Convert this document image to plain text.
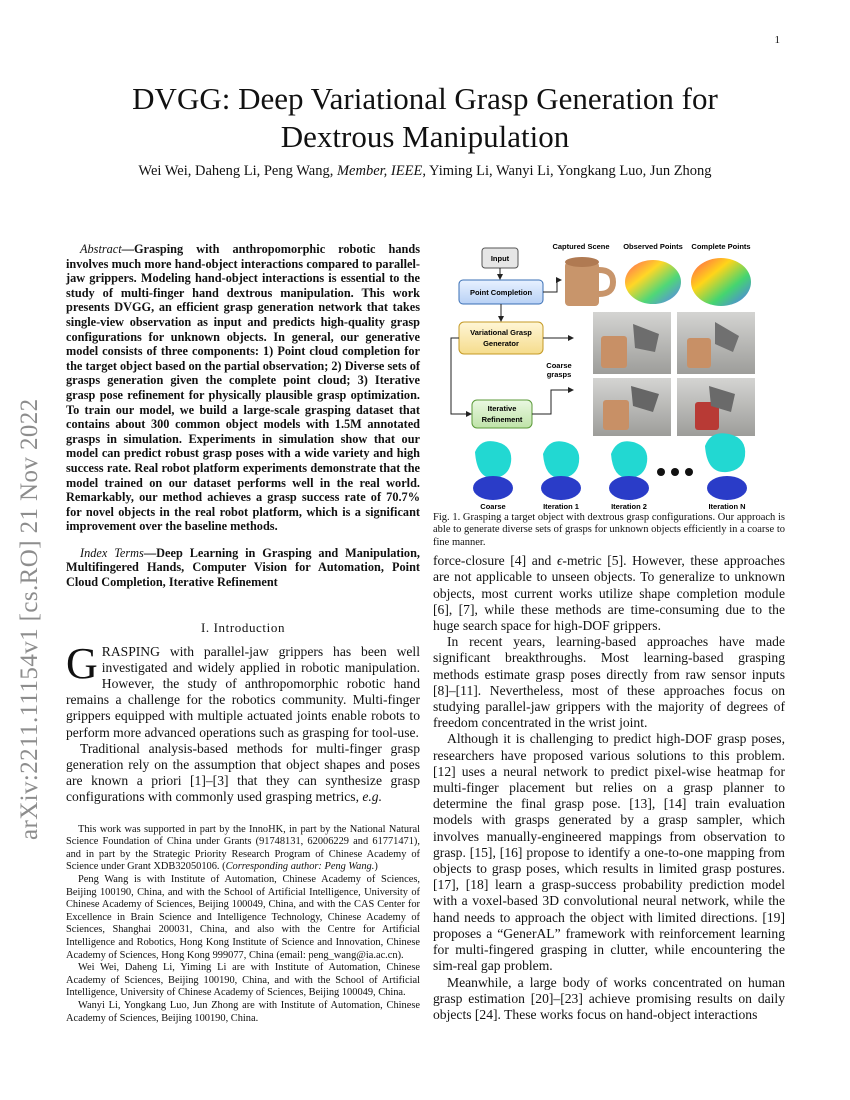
1
arXiv:2211.11154v1 [cs.RO] 21 Nov 2022
DVGG: Deep Variational Grasp Generation for
Dextrous Manipulation
Wei Wei, Daheng Li, Peng Wang, Member, IEEE, Yiming Li, Wanyi Li, Yongkang Luo, Jun Zhong

Abstract—Grasping with anthropomorphic robotic hands involves much more hand-object interactions compared to parallel-jaw grippers. Modeling hand-object interactions is essential to the study of multi-finger hand dextrous manipulation. This work presents DVGG, an efficient grasp generation network that takes single-view observation as input and predicts high-quality grasp configurations for unknown objects. In general, our generative model consists of three components: 1) Point cloud completion for the target object based on the partial observation; 2) Diverse sets of grasps generation given the complete point cloud; 3) Iterative grasp pose refinement for physically plausible grasp optimization. To train our model, we build a large-scale grasping dataset that contains about 300 common object models with 1.5M annotated grasps in simulation. Experiments in simulation show that our model can predict robust grasp poses with a wide variety and high success rate. Real robot platform experiments demonstrate that the model trained on our dataset performs well in the real world. Remarkably, our method achieves a grasp success rate of 70.7% for novel objects in the real robot platform, which is a significant improvement over the baseline methods.

Index Terms—Deep Learning in Grasping and Manipulation, Multifingered Hands, Computer Vision for Automation, Point Cloud Completion, Iterative Refinement

I. Introduction

GRASPING with parallel-jaw grippers has been well investigated and widely applied in robotic manipulation. However, the study of anthropomorphic robotic hand remains a challenge for the robotics community. Multi-finger grippers equipped with multiple actuated joints enable robots to perform more advanced operations such as grasping for tool-use.

Traditional analysis-based methods for multi-finger grasp generation rely on the assumption that object shapes and poses are known a priori [1]–[3] that they can synthesize grasp configurations with commonly used grasping metrics, e.g.

This work was supported in part by the InnoHK, in part by the National Natural Science Foundation of China under Grants (91748131, 62006229 and 61771471), and in part by the Strategic Priority Research Program of Chinese Academy of Science under Grant XDB32050106. (Corresponding author: Peng Wang.)

Peng Wang is with Institute of Automation, Chinese Academy of Sciences, Beijing 100190, China, and with the School of Artificial Intelligence, University of Chinese Academy of Sciences, Beijing 100049, China, and with the CAS Center for Excellence in Brain Science and Intelligence Technology, Chinese Academy of Sciences, Shanghai 200031, China, and also with the Centre for Artificial Intelligence and Robotics, Hong Kong Institute of Science and Innovation, Chinese Academy of Sciences, Hong Kong 999077, China (email: peng_wang@ia.ac.cn).

Wei Wei, Daheng Li, Yiming Li are with Institute of Automation, Chinese Academy of Sciences, Beijing 100190, China, and with the School of Artificial Intelligence, University of Chinese Academy of Sciences, Beijing 100049, China.

Wanyi Li, Yongkang Luo, Jun Zhong are with Institute of Automation, Chinese Academy of Sciences, Beijing 100190, China.

Input
Point Completion
Variational Grasp
Generator
Iterative
Refinement
Captured Scene Observed Points Complete Points
Coarse
grasps
Coarse	Iteration 1	Iteration 2	Iteration N

Fig. 1. Grasping a target object with dextrous grasp configurations. Our approach is able to generate diverse sets of grasps for unknown objects efficiently in a coarse to fine manner.

force-closure [4] and ϵ-metric [5]. However, these approaches are not applicable to unseen objects. To generalize to unknown objects, most current works utilize shape completion module [6], [7], while these methods are time-consuming due to the huge search space for high-DOF grippers.

In recent years, learning-based approaches have made significant breakthroughs. Most learning-based grasping methods estimate grasp poses directly from raw sensor inputs [8]–[11]. Nevertheless, most of these approaches focus on studying parallel-jaw grippers with the majority of degrees of freedom concentrated in the wrist joint.

Although it is challenging to predict high-DOF grasp poses, researchers have proposed various solutions to this problem. [12] uses a neural network to predict pixel-wise heatmap for multi-finger placement but relies on a grasp planner to determine the final grasp pose. [13], [14] train evaluation models with grasps generated by a grasp sampler, which involves manually-engineered mappings from observation to grasp. [15], [16] propose to identify a one-to-one mapping from objects to grasp poses, which results in limited grasp postures. [17], [18] learn a grasp-success probability prediction model with a voxel-based 3D convolutional neural network, while the hand needs to approach the object with limited directions. [19] proposes a “GenerAL” framework with reinforcement learning for multi-fingered grasping in clutter, while encountering the sim-real gap problem.

Meanwhile, a large body of works concentrated on human grasp estimation [20]–[23] achieve promising results on daily objects [24]. These works focus on hand-object interactions
